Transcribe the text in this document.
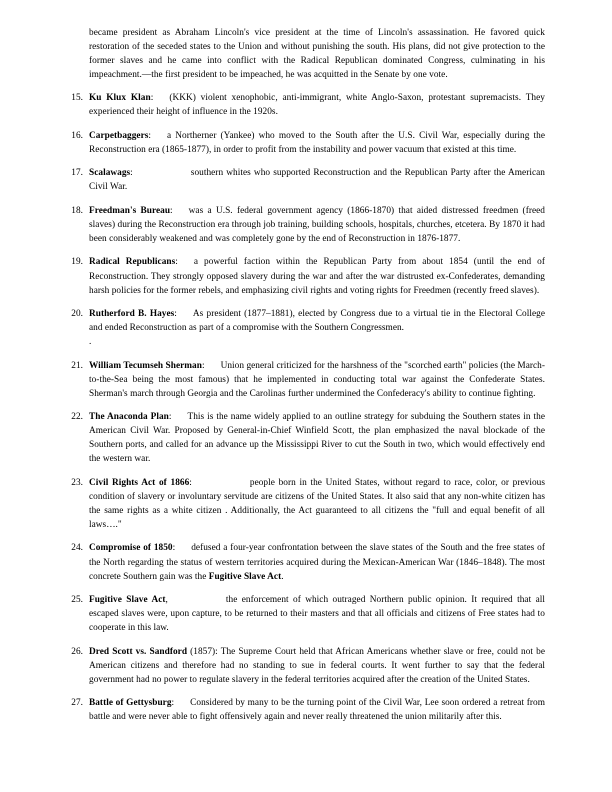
became president as Abraham Lincoln's vice president at the time of Lincoln's assassination. He favored quick restoration of the seceded states to the Union and without punishing the south. His plans, did not give protection to the former slaves and he came into conflict with the Radical Republican dominated Congress, culminating in his impeachment.—the first president to be impeached, he was acquitted in the Senate by one vote.

15. Ku Klux Klan: (KKK) violent xenophobic, anti-immigrant, white Anglo-Saxon, protestant supremacists. They experienced their height of influence in the 1920s.
16. Carpetbaggers: a Northerner (Yankee) who moved to the South after the U.S. Civil War, especially during the Reconstruction era (1865-1877), in order to profit from the instability and power vacuum that existed at this time.
17. Scalawags:	southern whites who supported Reconstruction and the Republican Party after the American Civil War.
18. Freedman's Bureau: was a U.S. federal government agency (1866-1870) that aided distressed freedmen (freed slaves) during the Reconstruction era through job training, building schools, hospitals, churches, etcetera. By 1870 it had been considerably weakened and was completely gone by the end of Reconstruction in 1876-1877.
19. Radical Republicans: a powerful faction within the Republican Party from about 1854 (until the end of Reconstruction. They strongly opposed slavery during the war and after the war distrusted ex-Confederates, demanding harsh policies for the former rebels, and emphasizing civil rights and voting rights for Freedmen (recently freed slaves).
20. Rutherford B. Hayes: As president (1877–1881), elected by Congress due to a virtual tie in the Electoral College and ended Reconstruction as part of a compromise with the Southern Congressmen.
.
21. William Tecumseh Sherman: Union general criticized for the harshness of the "scorched earth" policies (the March-to-the-Sea being the most famous) that he implemented in conducting total war against the Confederate States. Sherman's march through Georgia and the Carolinas further undermined the Confederacy's ability to continue fighting.
22. The Anaconda Plan: This is the name widely applied to an outline strategy for subduing the Southern states in the American Civil War. Proposed by General-in-Chief Winfield Scott, the plan emphasized the naval blockade of the Southern ports, and called for an advance up the Mississippi River to cut the South in two, which would effectively end the western war.
23. Civil Rights Act of 1866:	people born in the United States, without regard to race, color, or previous condition of slavery or involuntary servitude are citizens of the United States. It also said that any non-white citizen has the same rights as a white citizen . Additionally, the Act guaranteed to all citizens the "full and equal benefit of all laws…."
24. Compromise of 1850: defused a four-year confrontation between the slave states of the South and the free states of the North regarding the status of western territories acquired during the Mexican-American War (1846–1848). The most concrete Southern gain was the Fugitive Slave Act.
25. Fugitive Slave Act,	the enforcement of which outraged Northern public opinion. It required that all escaped slaves were, upon capture, to be returned to their masters and that all officials and citizens of Free states had to cooperate in this law.
26. Dred Scott vs. Sandford (1857): The Supreme Court held that African Americans whether slave or free, could not be American citizens and therefore had no standing to sue in federal courts. It went further to say that the federal government had no power to regulate slavery in the federal territories acquired after the creation of the United States.
27. Battle of Gettysburg: Considered by many to be the turning point of the Civil War, Lee soon ordered a retreat from battle and were never able to fight offensively again and never really threatened the union militarily after this.
